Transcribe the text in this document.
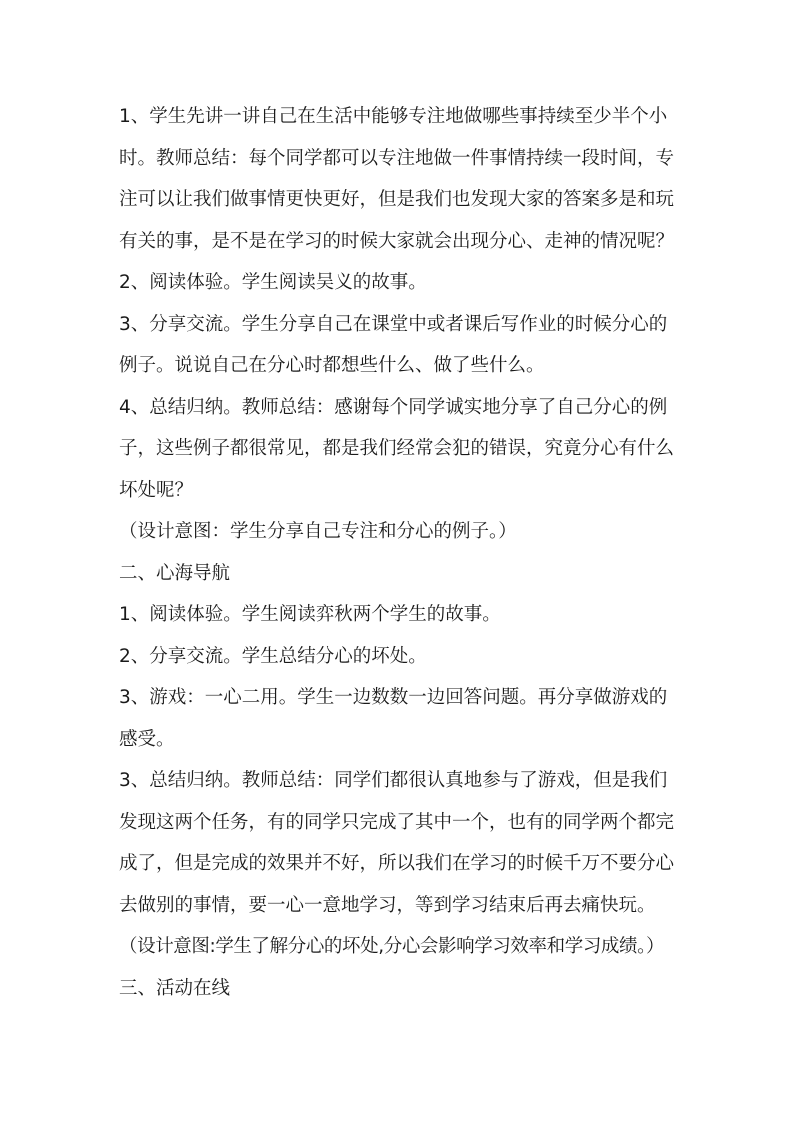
1、学生先讲一讲自己在生活中能够专注地做哪些事持续至少半个小

时。教师总结：每个同学都可以专注地做一件事情持续一段时间，专

注可以让我们做事情更快更好，但是我们也发现大家的答案多是和玩

有关的事，是不是在学习的时候大家就会出现分心、走神的情况呢？

2、阅读体验。学生阅读吴义的故事。

3、分享交流。学生分享自己在课堂中或者课后写作业的时候分心的

例子。说说自己在分心时都想些什么、做了些什么。

4、总结归纳。教师总结：感谢每个同学诚实地分享了自己分心的例

子，这些例子都很常见，都是我们经常会犯的错误，究竟分心有什么

坏处呢？

（设计意图：学生分享自己专注和分心的例子。）

二、心海导航

1、阅读体验。学生阅读弈秋两个学生的故事。

2、分享交流。学生总结分心的坏处。

3、游戏：一心二用。学生一边数数一边回答问题。再分享做游戏的

感受。

3、总结归纳。教师总结：同学们都很认真地参与了游戏，但是我们

发现这两个任务，有的同学只完成了其中一个，也有的同学两个都完

成了，但是完成的效果并不好，所以我们在学习的时候千万不要分心

去做别的事情，要一心一意地学习，等到学习结束后再去痛快玩。

（设计意图:学生了解分心的坏处,分心会影响学习效率和学习成绩。）

三、活动在线
